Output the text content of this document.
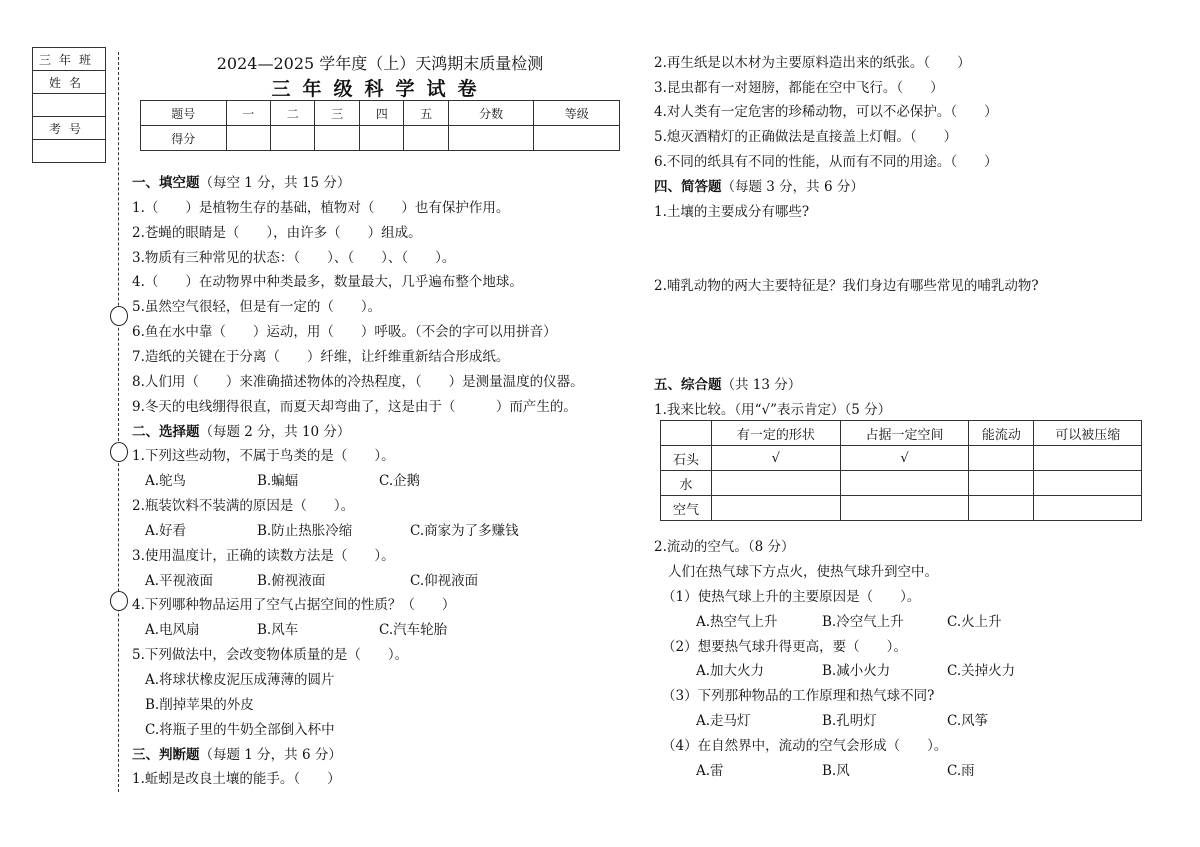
三年班
姓名

考号

2024—2025 学年度（上）天鸿期末质量检测
三年级科学试卷
题号	一	二	三	四	五	分数	等级
得分							
一、填空题（每空 1 分，共 15 分）
1.（　　）是植物生存的基础，植物对（　　）也有保护作用。
2.苍蝇的眼睛是（　　），由许多（　　）组成。
3.物质有三种常见的状态：（　　）、（　　）、（　　）。
4.（　　）在动物界中种类最多，数量最大，几乎遍布整个地球。
5.虽然空气很轻，但是有一定的（　　）。
6.鱼在水中靠（　　）运动，用（　　）呼吸。（不会的字可以用拼音）
7.造纸的关键在于分离（　　）纤维，让纤维重新结合形成纸。
8.人们用（　　）来准确描述物体的冷热程度，（　　）是测量温度的仪器。
9.冬天的电线绷得很直，而夏天却弯曲了，这是由于（　　　）而产生的。
二、选择题（每题 2 分，共 10 分）
1.下列这些动物，不属于鸟类的是（　　）。
A.鸵鸟	B.蝙蝠	C.企鹅
2.瓶装饮料不装满的原因是（　　）。
A.好看	B.防止热胀冷缩	C.商家为了多赚钱
3.使用温度计，正确的读数方法是（　　）。
A.平视液面	B.俯视液面	C.仰视液面
4.下列哪种物品运用了空气占据空间的性质？（　　）
A.电风扇	B.风车	C.汽车轮胎
5.下列做法中，会改变物体质量的是（　　）。
A.将球状橡皮泥压成薄薄的圆片
B.削掉苹果的外皮
C.将瓶子里的牛奶全部倒入杯中
三、判断题（每题 1 分，共 6 分）
1.蚯蚓是改良土壤的能手。（　　）
2.再生纸是以木材为主要原料造出来的纸张。（　　）
3.昆虫都有一对翅膀，都能在空中飞行。（　　）
4.对人类有一定危害的珍稀动物，可以不必保护。（　　）
5.熄灭酒精灯的正确做法是直接盖上灯帽。（　　）
6.不同的纸具有不同的性能，从而有不同的用途。（　　）
四、简答题（每题 3 分，共 6 分）
1.土壤的主要成分有哪些?
2.哺乳动物的两大主要特征是？我们身边有哪些常见的哺乳动物?
五、综合题（共 13 分）
1.我来比较。（用“√”表示肯定）（5 分）
	有一定的形状	占据一定空间	能流动	可以被压缩
石头	√	√		
水				
空气				
2.流动的空气。（8 分）
人们在热气球下方点火，使热气球升到空中。
（1）使热气球上升的主要原因是（　　）。
A.热空气上升	B.冷空气上升	C.火上升
（2）想要热气球升得更高，要（　　）。
A.加大火力	B.减小火力	C.关掉火力
（3）下列那种物品的工作原理和热气球不同?
A.走马灯	B.孔明灯	C.风筝
（4）在自然界中，流动的空气会形成（　　）。
A.雷	B.风	C.雨
